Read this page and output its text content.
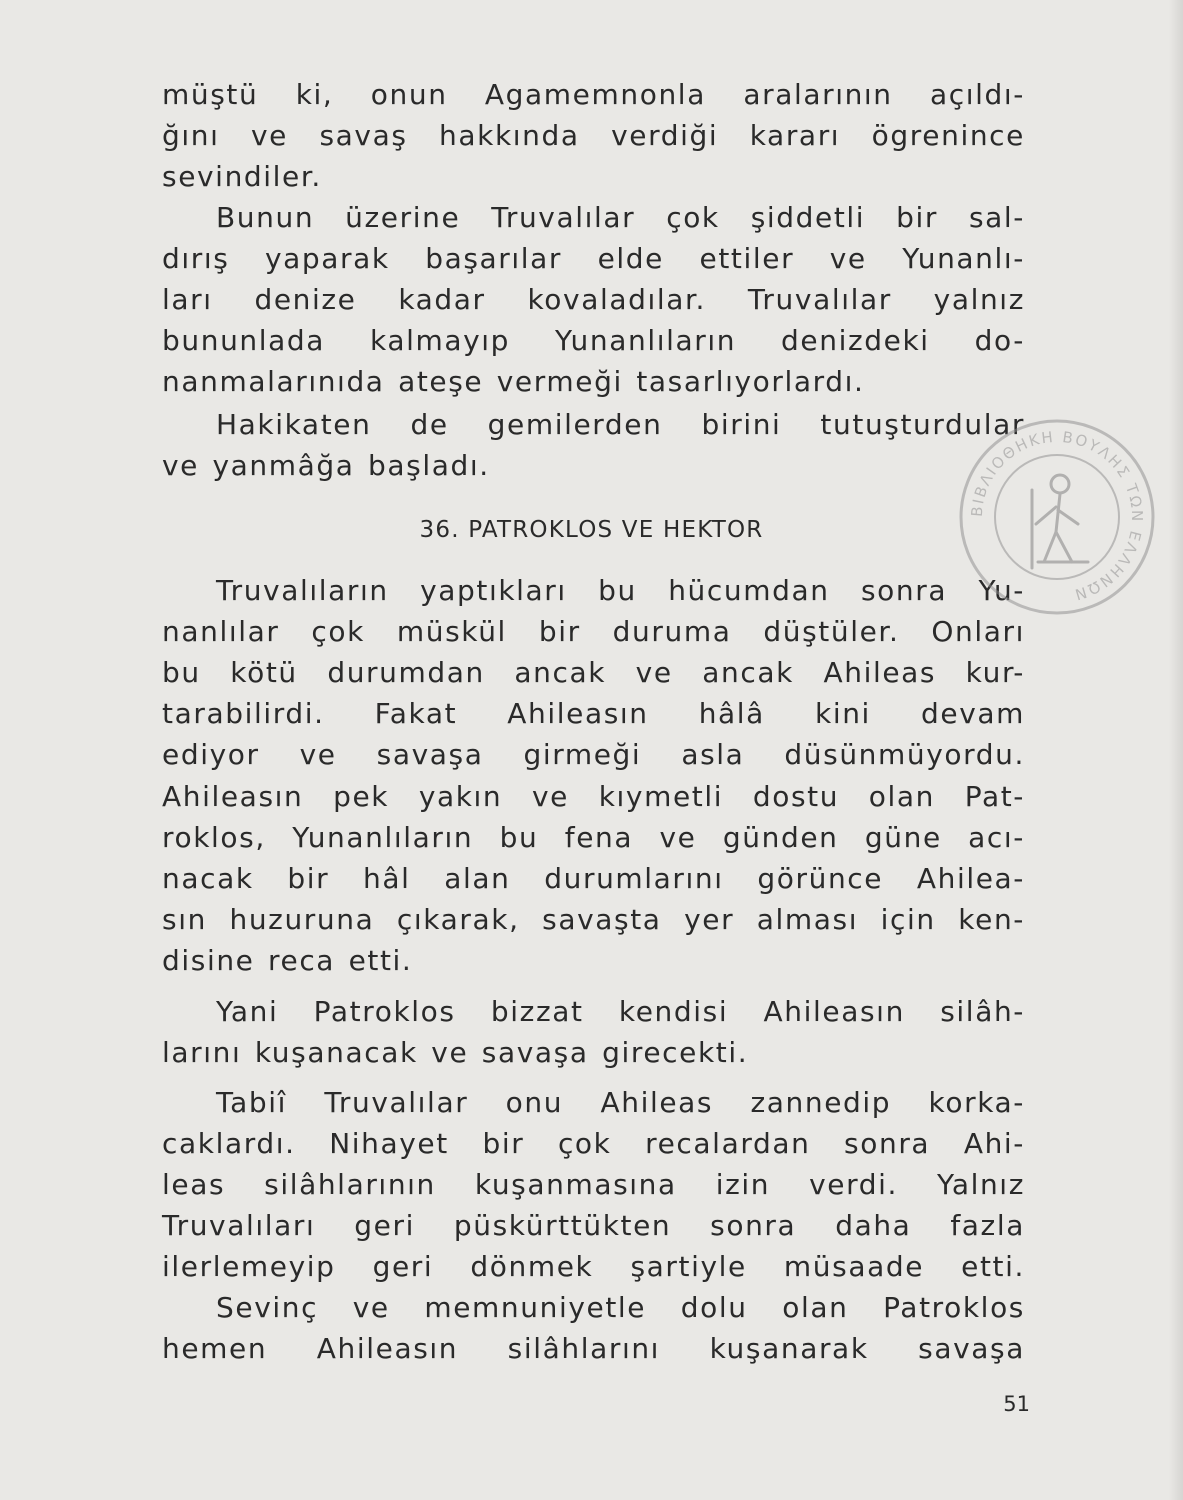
müştü ki, onun Agamemnonla aralarının açıldı-
ğını ve savaş hakkında verdiği kararı ögrenince
sevindiler.
Bunun üzerine Truvalılar çok şiddetli bir sal-
dırış yaparak başarılar elde ettiler ve Yunanlı-
ları denize kadar kovaladılar. Truvalılar yalnız
bununlada kalmayıp Yunanlıların denizdeki do-
nanmalarınıda ateşe vermeği tasarlıyorlardı.
Hakikaten de gemilerden birini tutuşturdular
ve yanmâğa başladı.
36. PATROKLOS VE HEKTOR
Truvalıların yaptıkları bu hücumdan sonra Yu-
nanlılar çok müskül bir duruma düştüler. Onları
bu kötü durumdan ancak ve ancak Ahileas kur-
tarabilirdi. Fakat Ahileasın hâlâ kini devam
ediyor ve savaşa girmeği asla düsünmüyordu.
Ahileasın pek yakın ve kıymetli dostu olan Pat-
roklos, Yunanlıların bu fena ve günden güne acı-
nacak bir hâl alan durumlarını görünce Ahilea-
sın huzuruna çıkarak, savaşta yer alması için ken-
disine reca etti.
Yani Patroklos bizzat kendisi Ahileasın silâh-
larını kuşanacak ve savaşa girecekti.
Tabiî Truvalılar onu Ahileas zannedip korka-
caklardı. Nihayet bir çok recalardan sonra Ahi-
leas silâhlarının kuşanmasına izin verdi. Yalnız
Truvalıları geri püskürttükten sonra daha fazla
ilerlemeyip geri dönmek şartiyle müsaade etti.
Sevinç ve memnuniyetle dolu olan Patroklos
hemen Ahileasın silâhlarını kuşanarak savaşa
51
ΒΙΒΛΙΟΘΗΚΗ ΒΟΥΛΗΣ ΤΩΝ ΕΛΛΗΝΩΝ
